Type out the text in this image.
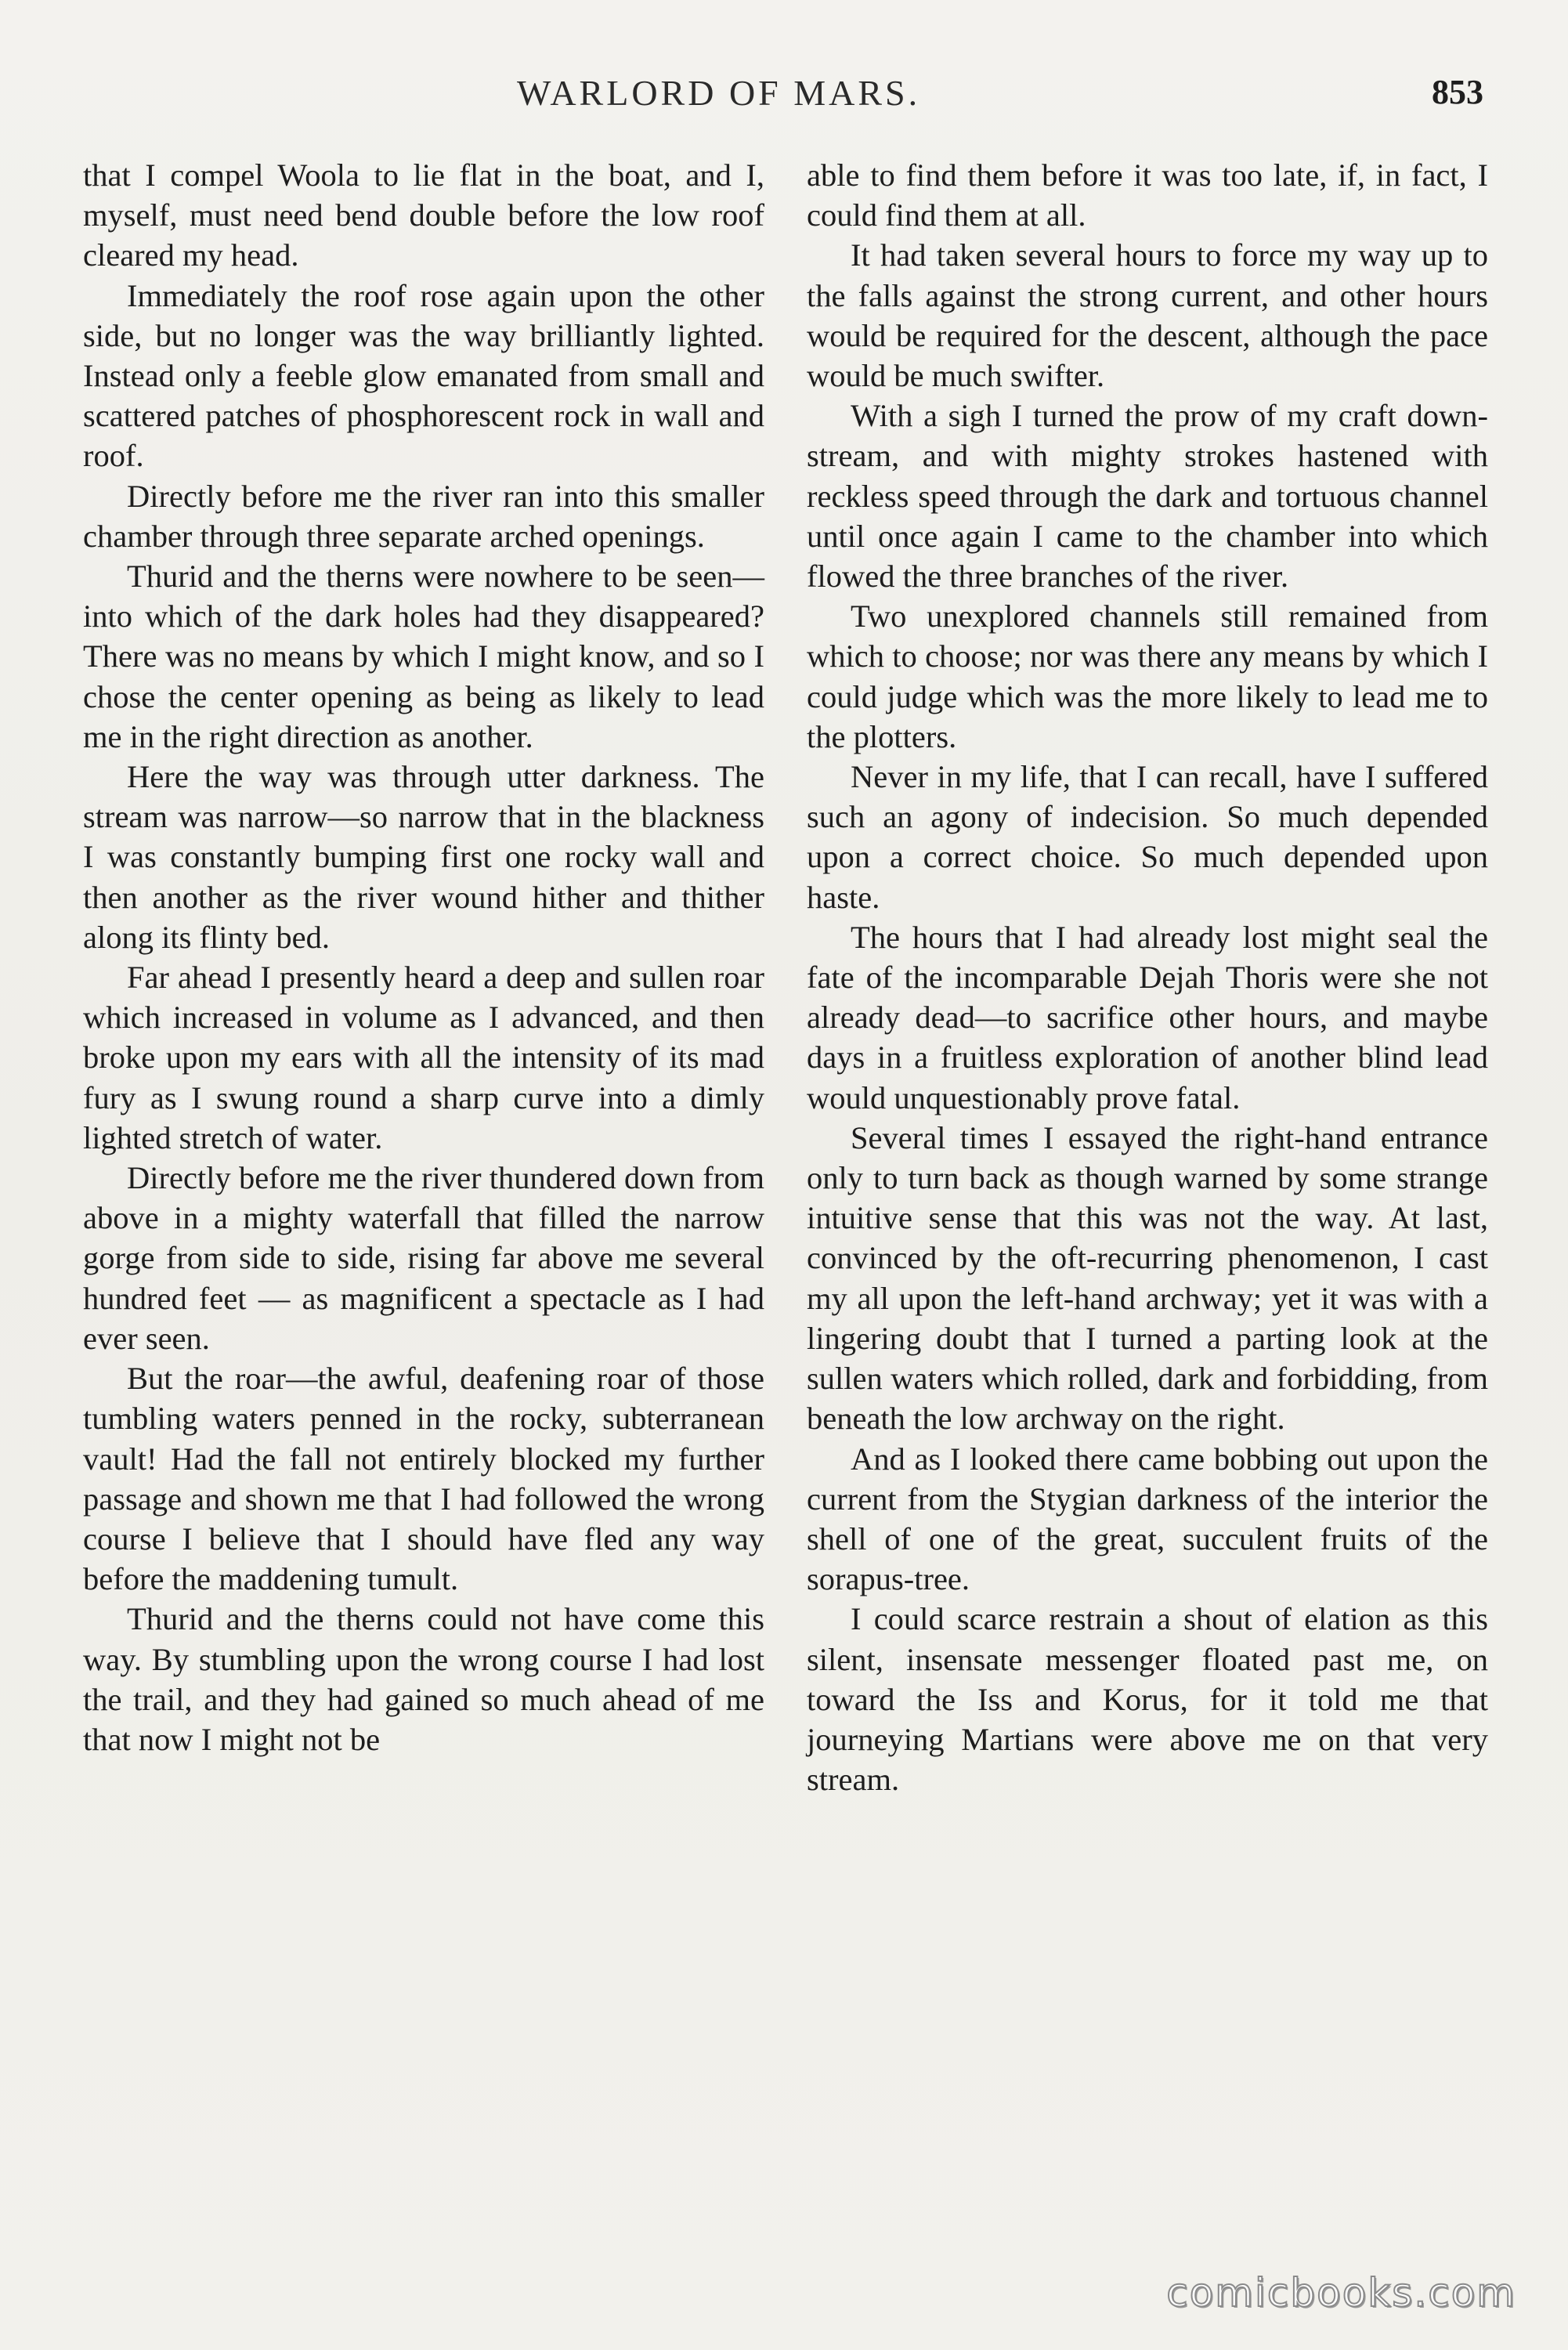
WARLORD OF MARS.	853

that I compel Woola to lie flat in the boat, and I, myself, must need bend double before the low roof cleared my head.

Immediately the roof rose again upon the other side, but no longer was the way brilliantly lighted. Instead only a feeble glow emanated from small and scattered patches of phosphorescent rock in wall and roof.

Directly before me the river ran into this smaller chamber through three separate arched openings.

Thurid and the therns were nowhere to be seen—into which of the dark holes had they disappeared? There was no means by which I might know, and so I chose the center opening as being as likely to lead me in the right direction as another.

Here the way was through utter darkness. The stream was narrow—so narrow that in the blackness I was constantly bumping first one rocky wall and then another as the river wound hither and thither along its flinty bed.

Far ahead I presently heard a deep and sullen roar which increased in volume as I advanced, and then broke upon my ears with all the intensity of its mad fury as I swung round a sharp curve into a dimly lighted stretch of water.

Directly before me the river thundered down from above in a mighty waterfall that filled the narrow gorge from side to side, rising far above me several hundred feet — as magnificent a spectacle as I had ever seen.

But the roar—the awful, deafening roar of those tumbling waters penned in the rocky, subterranean vault! Had the fall not entirely blocked my further passage and shown me that I had followed the wrong course I believe that I should have fled any way before the maddening tumult.

Thurid and the therns could not have come this way. By stumbling upon the wrong course I had lost the trail, and they had gained so much ahead of me that now I might not be

able to find them before it was too late, if, in fact, I could find them at all.

It had taken several hours to force my way up to the falls against the strong current, and other hours would be required for the descent, although the pace would be much swifter.

With a sigh I turned the prow of my craft down-stream, and with mighty strokes hastened with reckless speed through the dark and tortuous channel until once again I came to the chamber into which flowed the three branches of the river.

Two unexplored channels still remained from which to choose; nor was there any means by which I could judge which was the more likely to lead me to the plotters.

Never in my life, that I can recall, have I suffered such an agony of indecision. So much depended upon a correct choice. So much depended upon haste.

The hours that I had already lost might seal the fate of the incomparable Dejah Thoris were she not already dead—to sacrifice other hours, and maybe days in a fruitless exploration of another blind lead would unquestionably prove fatal.

Several times I essayed the right-hand entrance only to turn back as though warned by some strange intuitive sense that this was not the way. At last, convinced by the oft-recurring phenomenon, I cast my all upon the left-hand archway; yet it was with a lingering doubt that I turned a parting look at the sullen waters which rolled, dark and forbidding, from beneath the low archway on the right.

And as I looked there came bobbing out upon the current from the Stygian darkness of the interior the shell of one of the great, succulent fruits of the sorapus-tree.

I could scarce restrain a shout of elation as this silent, insensate messenger floated past me, on toward the Iss and Korus, for it told me that journeying Martians were above me on that very stream.

comicbooks.com
